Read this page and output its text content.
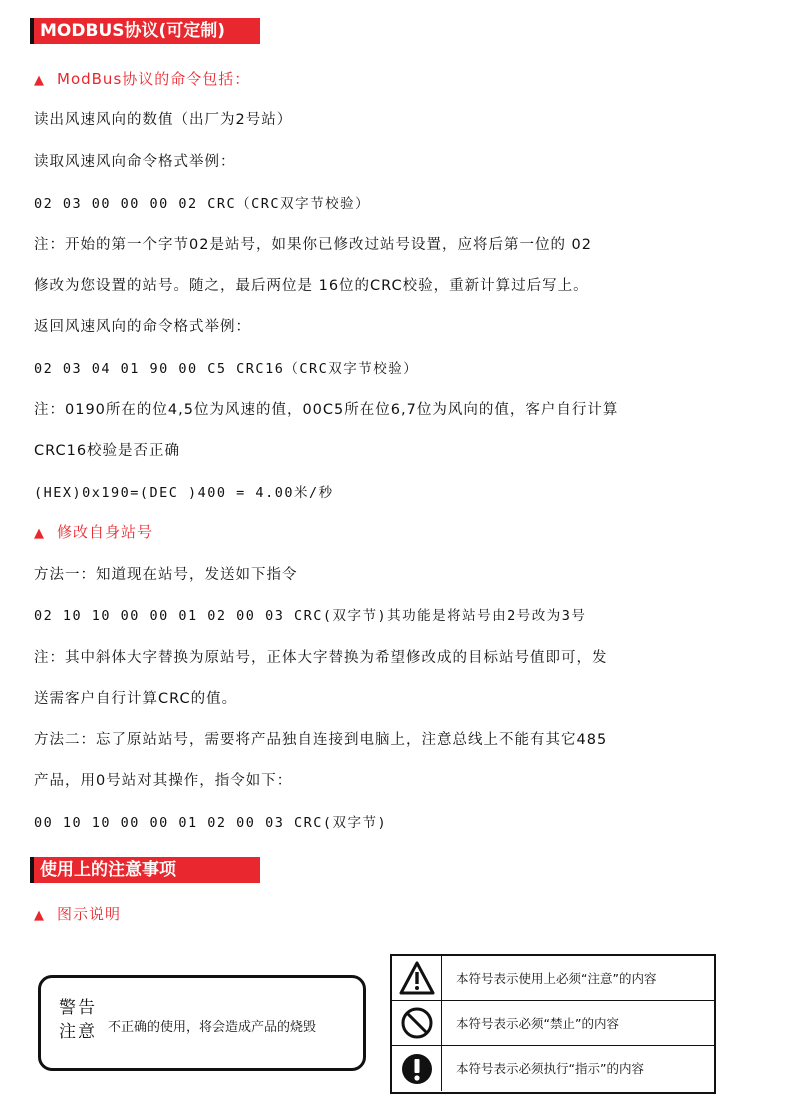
MODBUS协议(可定制)
▲ ModBus协议的命令包括：
读出风速风向的数值（出厂为2号站）
读取风速风向命令格式举例：
02 03 00 00 00 02 CRC（CRC双字节校验）
注：开始的第一个字节02是站号，如果你已修改过站号设置，应将后第一位的 02
修改为您设置的站号。随之，最后两位是 16位的CRC校验，重新计算过后写上。
返回风速风向的命令格式举例：
02 03 04 01 90 00 C5 CRC16（CRC双字节校验）
注：0190所在的位4,5位为风速的值，00C5所在位6,7位为风向的值，客户自行计算
CRC16校验是否正确
(HEX)0x190=(DEC )400 = 4.00米/秒
▲ 修改自身站号
方法一：知道现在站号，发送如下指令
02 10 10 00 00 01 02 00 03 CRC(双字节)其功能是将站号由2号改为3号
注：其中斜体大字替换为原站号，正体大字替换为希望修改成的目标站号值即可，发
送需客户自行计算CRC的值。
方法二：忘了原站站号，需要将产品独自连接到电脑上，注意总线上不能有其它485
产品，用0号站对其操作，指令如下：
00 10 10 00 00 01 02 00 03 CRC(双字节)
使用上的注意事项
▲ 图示说明
警告注意 不正确的使用，将会造成产品的烧毁
本符号表示使用上必须“注意”的内容
本符号表示必须“禁止”的内容
本符号表示必须执行“指示”的内容
